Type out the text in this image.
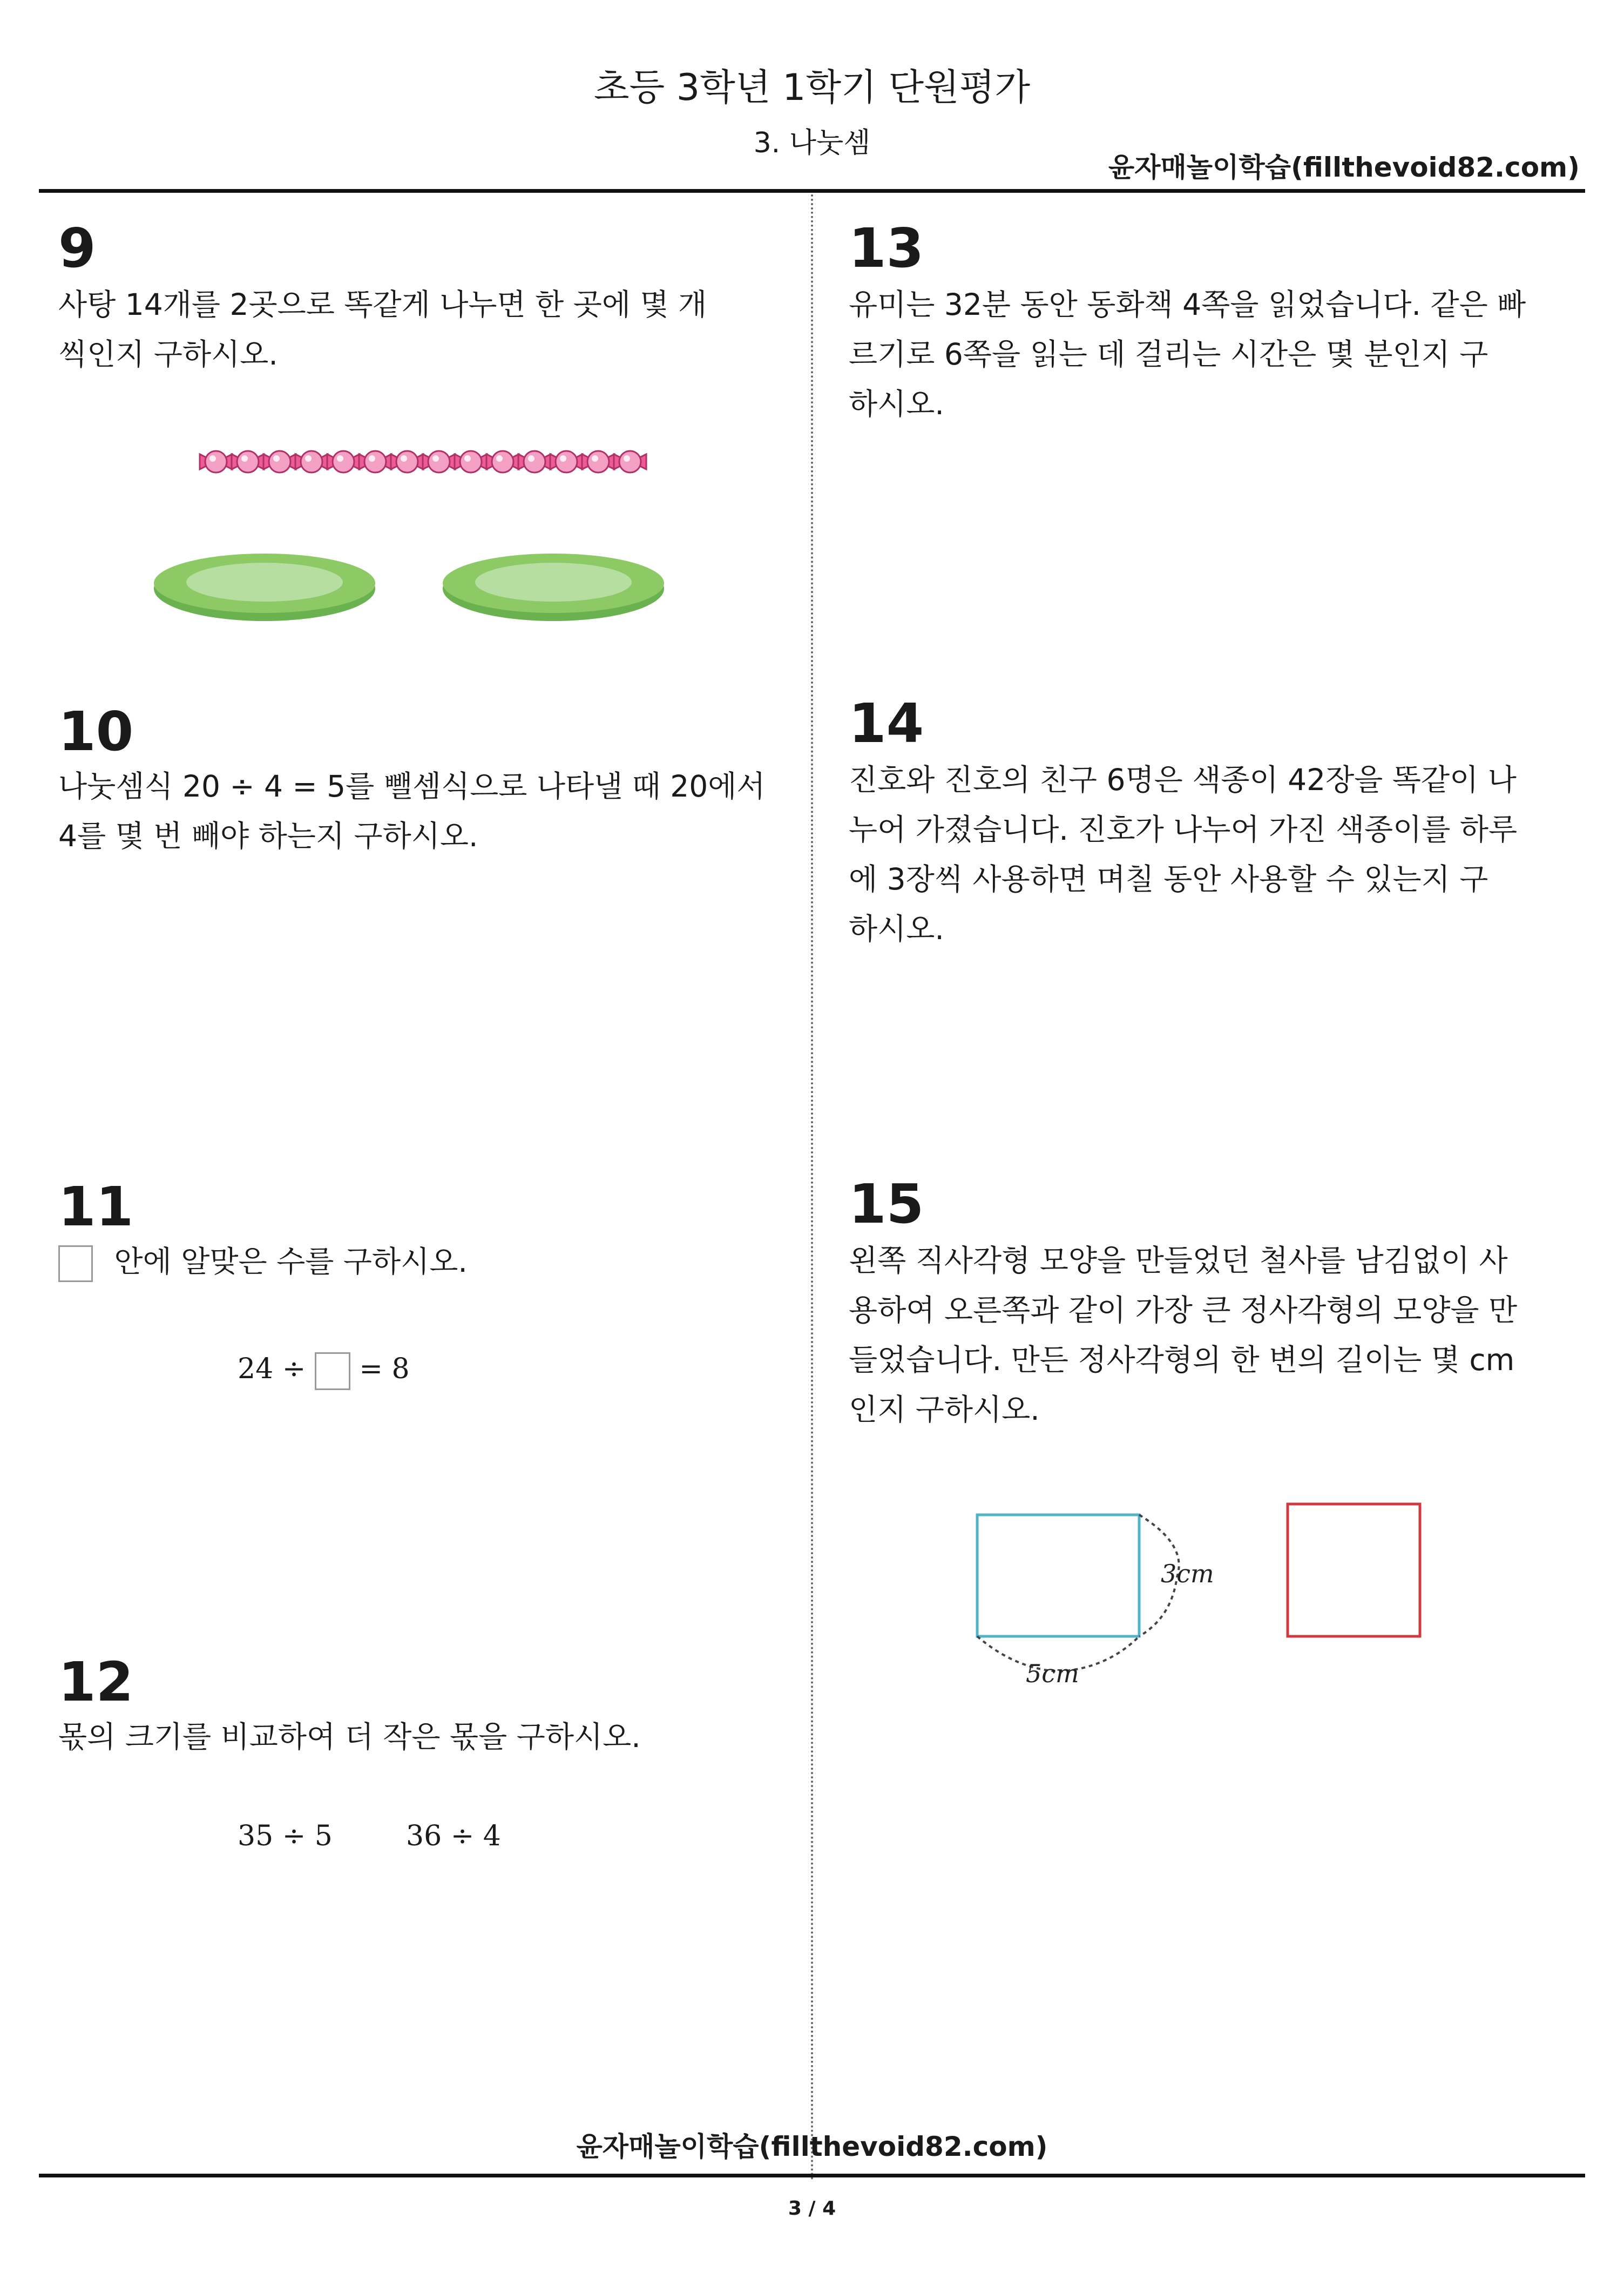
초등 3학년 1학기 단원평가
3. 나눗셈
윤자매놀이학습(fillthevoid82.com)
9
사탕 14개를 2곳으로 똑같게 나누면 한 곳에 몇 개
씩인지 구하시오.
10
나눗셈식 20 ÷ 4 = 5를 뺄셈식으로 나타낼 때 20에서
4를 몇 번 빼야 하는지 구하시오.
11
안에 알맞은 수를 구하시오.
24 ÷ = 8
12
몫의 크기를 비교하여 더 작은 몫을 구하시오.
35 ÷ 5	36 ÷ 4
13
유미는 32분 동안 동화책 4쪽을 읽었습니다. 같은 빠
르기로 6쪽을 읽는 데 걸리는 시간은 몇 분인지 구
하시오.
14
진호와 진호의 친구 6명은 색종이 42장을 똑같이 나
누어 가졌습니다. 진호가 나누어 가진 색종이를 하루
에 3장씩 사용하면 며칠 동안 사용할 수 있는지 구
하시오.
15
왼쪽 직사각형 모양을 만들었던 철사를 남김없이 사
용하여 오른쪽과 같이 가장 큰 정사각형의 모양을 만
들었습니다. 만든 정사각형의 한 변의 길이는 몇 cm
인지 구하시오.
3cm
5cm
윤자매놀이학습(fillthevoid82.com)
3 / 4
